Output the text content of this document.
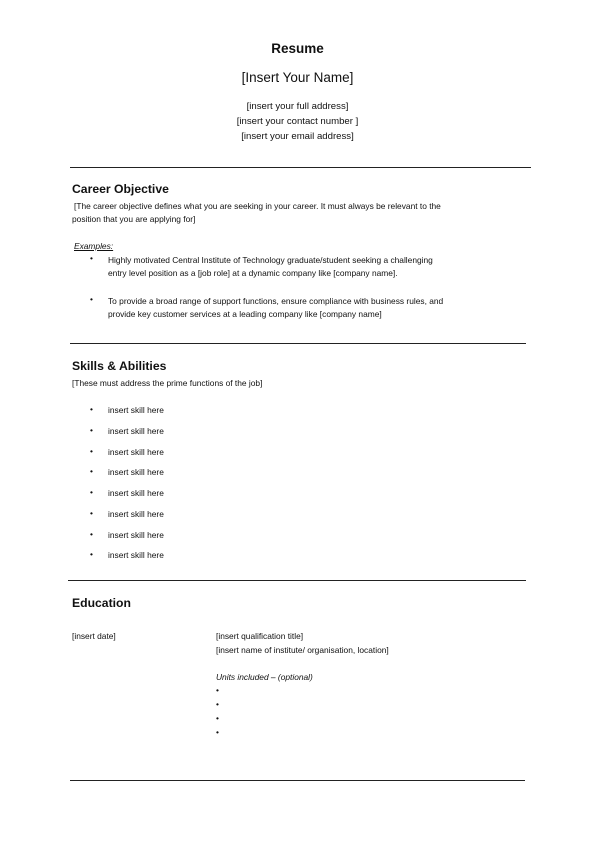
Resume
[Insert Your Name]
[insert your full address]
[insert your contact number ]
[insert your email address]
Career Objective
[The career objective defines what you are seeking in your career. It must always be relevant to the
position that you are applying for]
Examples:
• Highly motivated Central Institute of Technology graduate/student seeking a challenging
entry level position as a [job role] at a dynamic company like [company name].
• To provide a broad range of support functions, ensure compliance with business rules, and
provide key customer services at a leading company like [company name]
Skills & Abilities
[These must address the prime functions of the job]
• insert skill here
• insert skill here
• insert skill here
• insert skill here
• insert skill here
• insert skill here
• insert skill here
• insert skill here
Education
[insert date]	[insert qualification title]
[insert name of institute/ organisation, location]
Units included – (optional)
•
•
•
•
